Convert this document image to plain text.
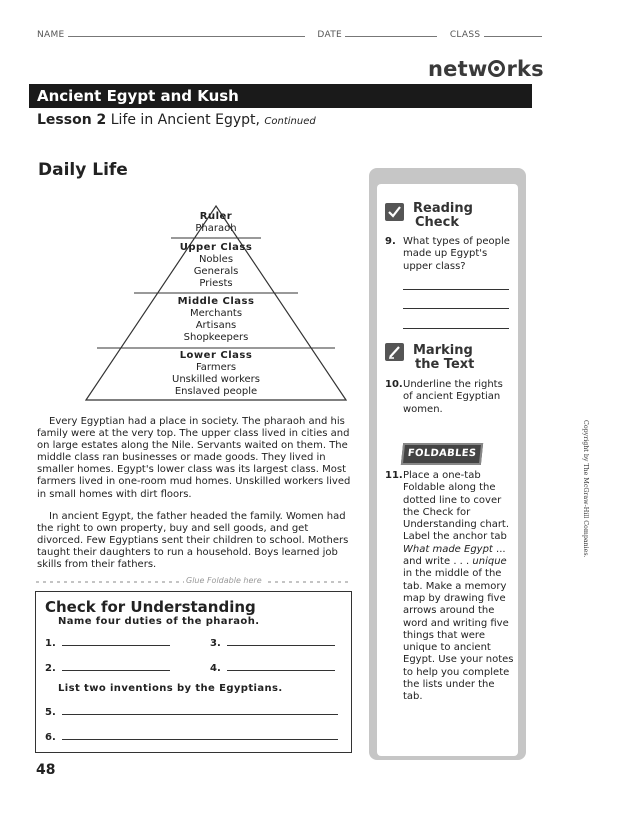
NAME	DATE	CLASS
netw rks
Ancient Egypt and Kush
Lesson 2 Life in Ancient Egypt, Continued
Daily Life
Ruler
Pharaoh
Upper Class
Nobles
Generals
Priests
Middle Class
Merchants
Artisans
Shopkeepers
Lower Class
Farmers
Unskilled workers
Enslaved people
Every Egyptian had a place in society. The pharaoh and his family were at the very top. The upper class lived in cities and on large estates along the Nile. Servants waited on them. The middle class ran businesses or made goods. They lived in smaller homes. Egypt's lower class was its largest class. Most farmers lived in one-room mud homes. Unskilled workers lived in small homes with dirt floors.
In ancient Egypt, the father headed the family. Women had the right to own property, buy and sell goods, and get divorced. Few Egyptians sent their children to school. Mothers taught their daughters to run a household. Boys learned job skills from their fathers.
Glue Foldable here
Check for Understanding
Name four duties of the pharaoh.
1.	3.
2.	4.
List two inventions by the Egyptians.
5.
6.
48
Reading
Check
9. What types of people made up Egypt's upper class?
Marking
the Text
10. Underline the rights of ancient Egyptian women.
FOLDABLES
11. Place a one-tab Foldable along the dotted line to cover the Check for Understanding chart. Label the anchor tab What made Egypt ... and write . . . unique in the middle of the tab. Make a memory map by drawing five arrows around the word and writing five things that were unique to ancient Egypt. Use your notes to help you complete the lists under the tab.
Copyright by The McGraw-Hill Companies.
